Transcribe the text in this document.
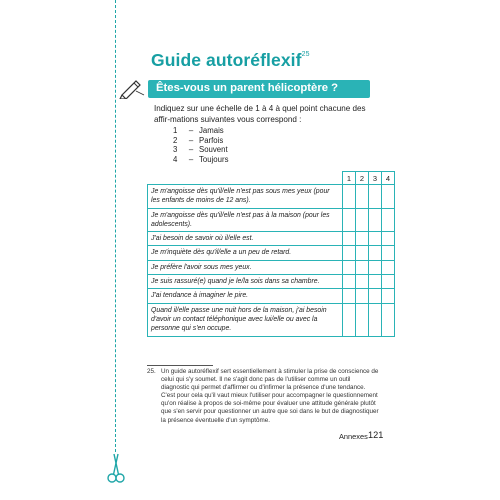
Guide autoréflexif$^{25}$
Êtes-vous un parent hélicoptère ?
Indiquez sur une échelle de 1 à 4 à quel point chacune des affir-mations suivantes vous correspond :
1	– Jamais
2	– Parfois
3	– Souvent
4	– Toujours
	1	2	3	4
Je m'angoisse dès qu'il/elle n'est pas sous mes yeux (pour les enfants de moins de 12 ans).				
Je m'angoisse dès qu'il/elle n'est pas à la maison (pour les adolescents).				
J'ai besoin de savoir où il/elle est.				
Je m'inquiète dès qu'il/elle a un peu de retard.				
Je préfère l'avoir sous mes yeux.				
Je suis rassuré(e) quand je le/la sois dans sa chambre.				
J'ai tendance à imaginer le pire.				
Quand il/elle passe une nuit hors de la maison, j'ai besoin d'avoir un contact téléphonique avec lui/elle ou avec la personne qui s'en occupe.				
25. Un guide autoréflexif sert essentiellement à stimuler la prise de conscience de celui qui s'y soumet. Il ne s'agit donc pas de l'utiliser comme un outil diagnostic qui permet d'affirmer ou d'infirmer la présence d'une tendance.

C'est pour cela qu'il vaut mieux l'utiliser pour accompagner le questionnement qu'on réalise à propos de soi-même pour évaluer une attitude générale plutôt que s'en servir pour questionner un autre que soi dans le but de diagnostiquer la présence éventuelle d'un symptôme.

Annexes 121
